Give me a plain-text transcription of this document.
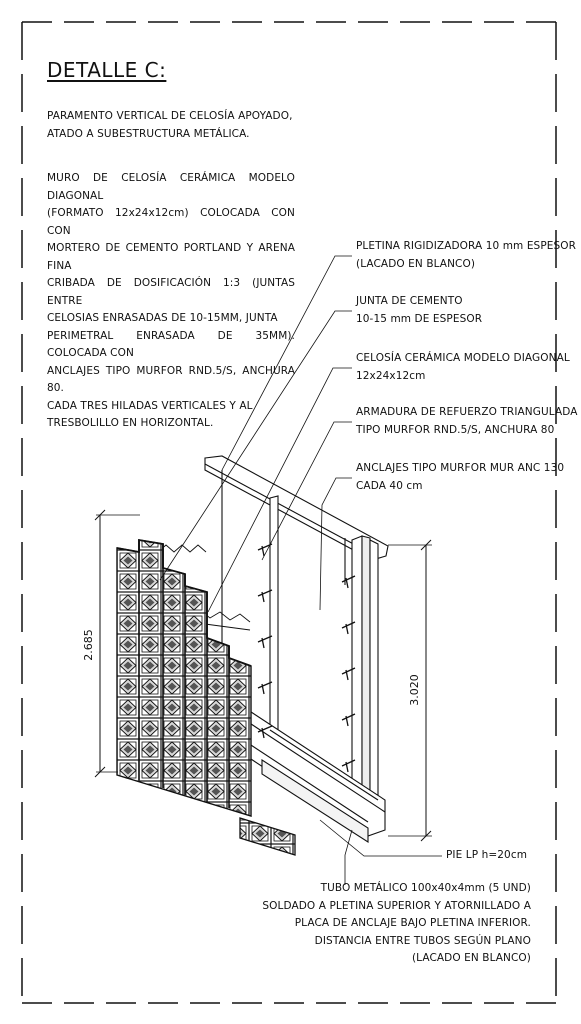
2.685
3.020
DETALLE C:
PARAMENTO VERTICAL DE CELOSÍA APOYADO,
ATADO A SUBESTRUCTURA METÁLICA.
MURO DE CELOSÍA CERÁMICA MODELO DIAGONAL
(FORMATO 12x24x12cm) COLOCADA CON CON
MORTERO DE CEMENTO PORTLAND Y ARENA FINA
CRIBADA DE DOSIFICACIÓN 1:3 (JUNTAS ENTRE
CELOSIAS ENRASADAS DE 10-15MM, JUNTA
PERIMETRAL ENRASADA DE 35MM). COLOCADA CON
ANCLAJES TIPO MURFOR RND.5/S, ANCHURA 80.
CADA TRES HILADAS VERTICALES Y AL
TRESBOLILLO EN HORIZONTAL.
PLETINA RIGIDIZADORA 10 mm ESPESOR
(LACADO EN BLANCO)
JUNTA DE CEMENTO
10-15 mm DE ESPESOR
CELOSÍA CERÁMICA MODELO DIAGONAL
12x24x12cm
ARMADURA DE REFUERZO TRIANGULADA
TIPO MURFOR RND.5/S, ANCHURA 80
ANCLAJES TIPO MURFOR MUR ANC 130
CADA 40 cm
PIE LP h=20cm
TUBO METÁLICO 100x40x4mm (5 UND)
SOLDADO A PLETINA SUPERIOR Y ATORNILLADO A
PLACA DE ANCLAJE BAJO PLETINA INFERIOR.
DISTANCIA ENTRE TUBOS SEGÚN PLANO
(LACADO EN BLANCO)
